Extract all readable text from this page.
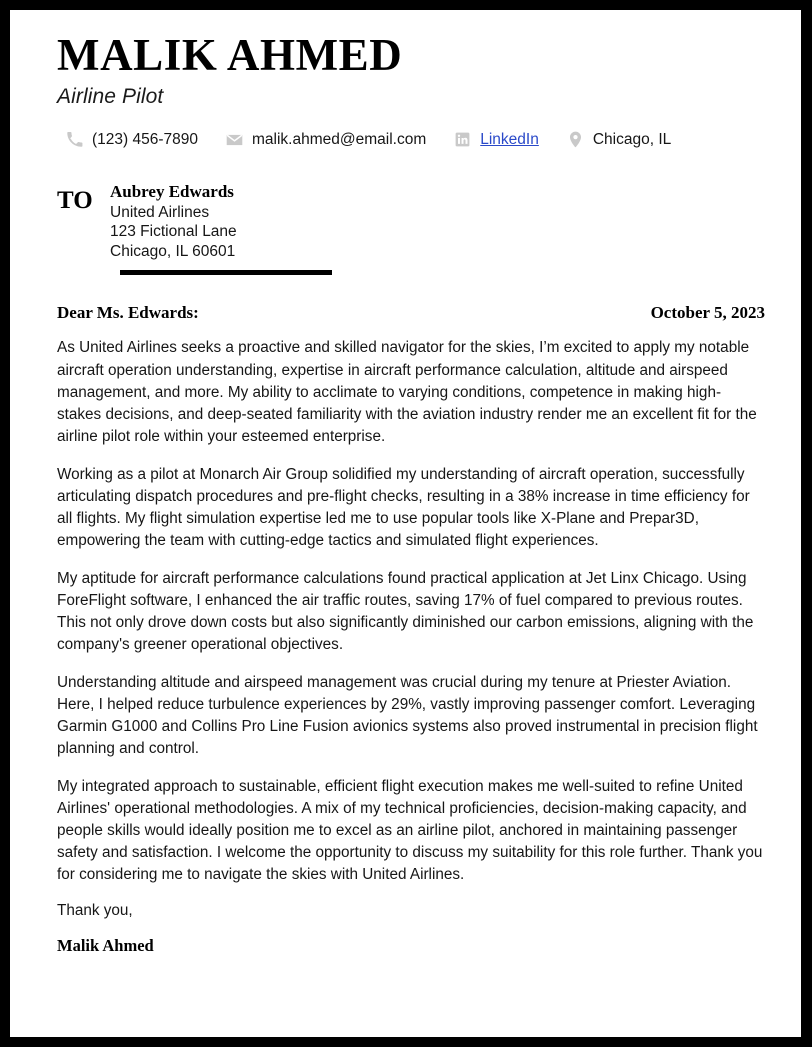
MALIK AHMED
Airline Pilot
(123) 456-7890	malik.ahmed@email.com	LinkedIn	Chicago, IL
TO	Aubrey Edwards
United Airlines
123 Fictional Lane
Chicago, IL 60601
Dear Ms. Edwards:	October 5, 2023

As United Airlines seeks a proactive and skilled navigator for the skies, I’m excited to apply my notable aircraft operation understanding, expertise in aircraft performance calculation, altitude and airspeed management, and more. My ability to acclimate to varying conditions, competence in making high-stakes decisions, and deep-seated familiarity with the aviation industry render me an excellent fit for the airline pilot role within your esteemed enterprise.

Working as a pilot at Monarch Air Group solidified my understanding of aircraft operation, successfully articulating dispatch procedures and pre-flight checks, resulting in a 38% increase in time efficiency for all flights. My flight simulation expertise led me to use popular tools like X-Plane and Prepar3D, empowering the team with cutting-edge tactics and simulated flight experiences.

My aptitude for aircraft performance calculations found practical application at Jet Linx Chicago. Using ForeFlight software, I enhanced the air traffic routes, saving 17% of fuel compared to previous routes. This not only drove down costs but also significantly diminished our carbon emissions, aligning with the company's greener operational objectives.

Understanding altitude and airspeed management was crucial during my tenure at Priester Aviation. Here, I helped reduce turbulence experiences by 29%, vastly improving passenger comfort. Leveraging Garmin G1000 and Collins Pro Line Fusion avionics systems also proved instrumental in precision flight planning and control.

My integrated approach to sustainable, efficient flight execution makes me well-suited to refine United Airlines' operational methodologies. A mix of my technical proficiencies, decision-making capacity, and people skills would ideally position me to excel as an airline pilot, anchored in maintaining passenger safety and satisfaction. I welcome the opportunity to discuss my suitability for this role further. Thank you for considering me to navigate the skies with United Airlines.

Thank you,
Malik Ahmed
